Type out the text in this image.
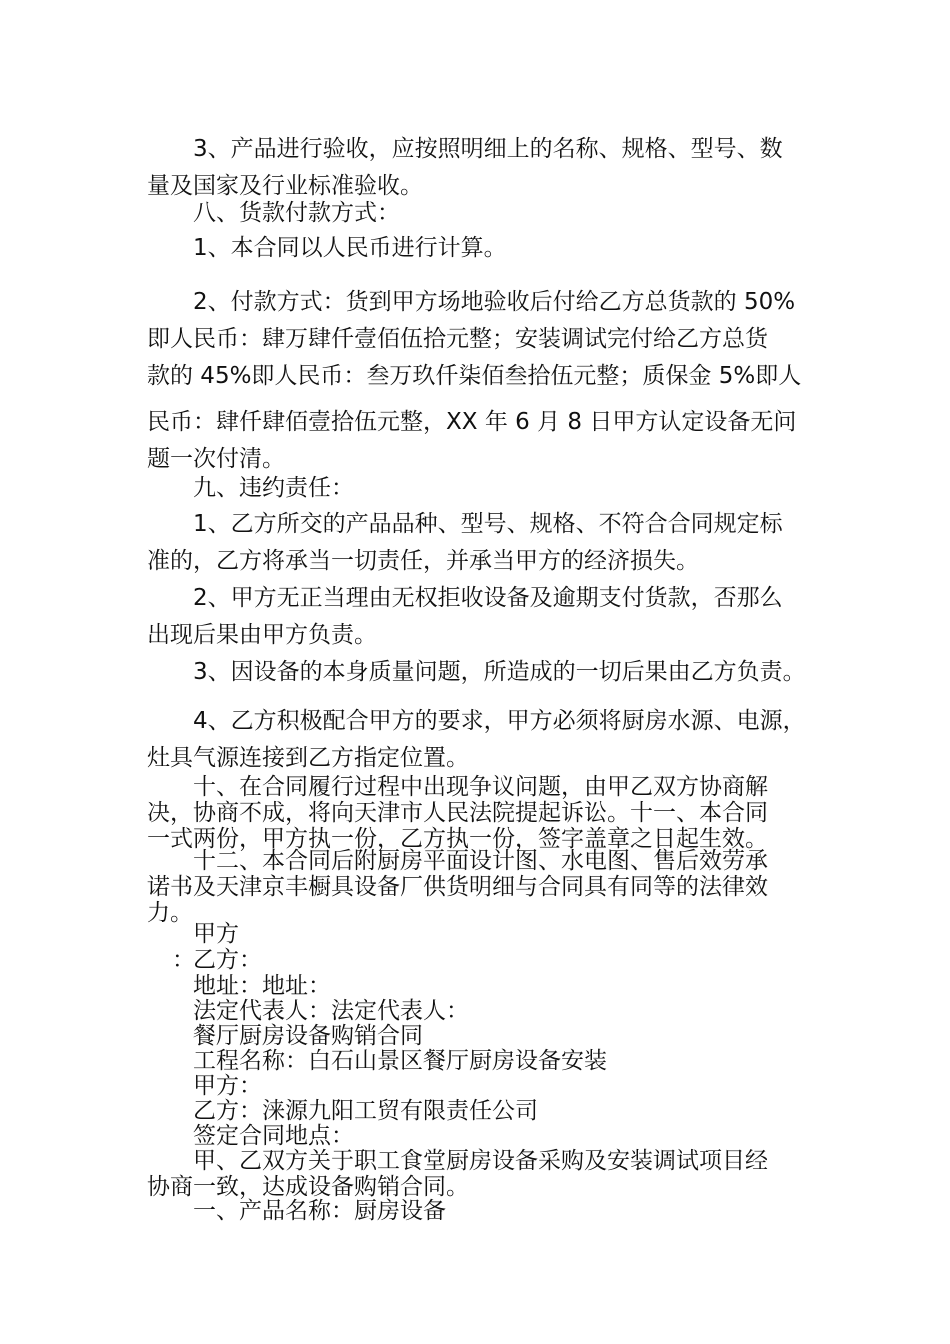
3、产品进行验收，应按照明细上的名称、规格、型号、数
量及国家及行业标准验收。
八、货款付款方式：
1、本合同以人民币进行计算。
2、付款方式：货到甲方场地验收后付给乙方总货款的 50%
即人民币：肆万肆仟壹佰伍拾元整；安装调试完付给乙方总货
款的 45%即人民币：叁万玖仟柒佰叁拾伍元整；质保金 5%即人
民币：肆仟肆佰壹拾伍元整，XX 年 6 月 8 日甲方认定设备无问
题一次付清。
九、违约责任：
1、乙方所交的产品品种、型号、规格、不符合合同规定标
准的，乙方将承当一切责任，并承当甲方的经济损失。
2、甲方无正当理由无权拒收设备及逾期支付货款，否那么
出现后果由甲方负责。
3、因设备的本身质量问题，所造成的一切后果由乙方负责。
4、乙方积极配合甲方的要求，甲方必须将厨房水源、电源，
灶具气源连接到乙方指定位置。
十、在合同履行过程中出现争议问题，由甲乙双方协商解
决，协商不成，将向天津市人民法院提起诉讼。十一、本合同
一式两份，甲方执一份，乙方执一份，签字盖章之日起生效。
十二、本合同后附厨房平面设计图、水电图、售后效劳承
诺书及天津京丰橱具设备厂供货明细与合同具有同等的法律效
力。
甲方
：
乙方：
地址：地址：
法定代表人：法定代表人：
餐厅厨房设备购销合同
工程名称：白石山景区餐厅厨房设备安装
甲方：
乙方：涞源九阳工贸有限责任公司
签定合同地点：
甲、乙双方关于职工食堂厨房设备采购及安装调试项目经
协商一致，达成设备购销合同。
一、产品名称：厨房设备
